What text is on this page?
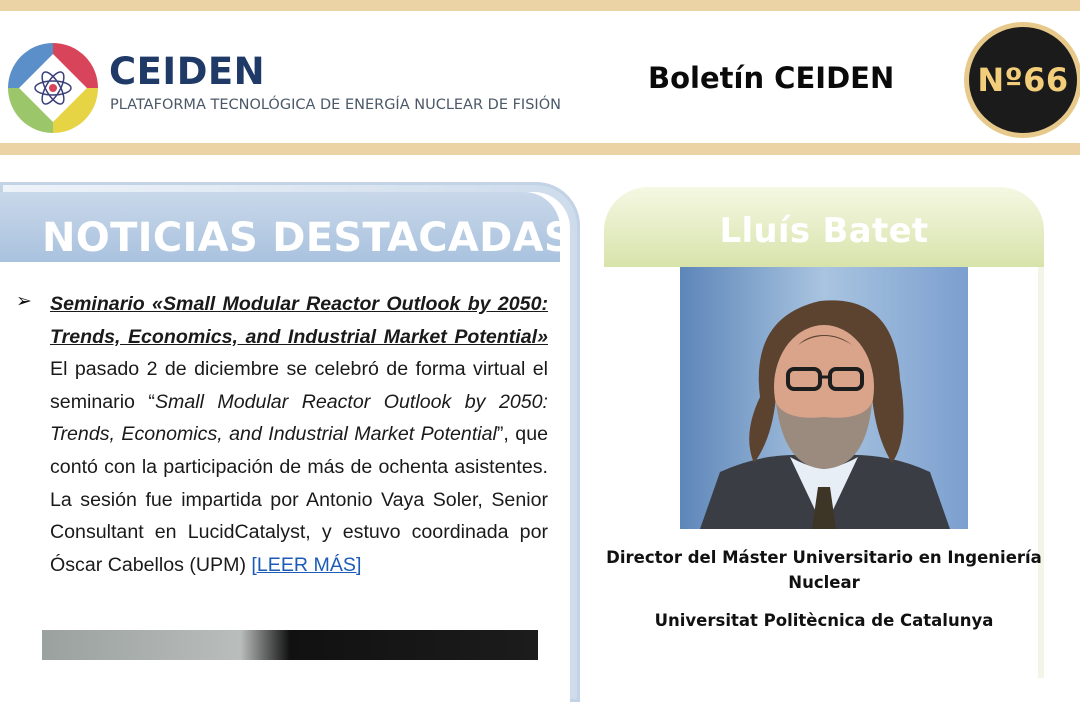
CEIDEN

PLATAFORMA TECNOLÓGICA DE ENERGÍA NUCLEAR DE FISIÓN

Boletín CEIDEN	Nº66
NOTICIAS DESTACADAS
➢ Seminario «Small Modular Reactor Outlook by 2050: Trends, Economics, and Industrial Market Potential» El pasado 2 de diciembre se celebró de forma virtual el seminario “Small Modular Reactor Outlook by 2050: Trends, Economics, and Industrial Market Potential”, que contó con la participación de más de ochenta asistentes. La sesión fue impartida por Antonio Vaya Soler, Senior Consultant en LucidCatalyst, y estuvo coordinada por Óscar Cabellos (UPM) [LEER MÁS]

Lluís Batet

Director del Máster Universitario en Ingeniería Nuclear

Universitat Politècnica de Catalunya
